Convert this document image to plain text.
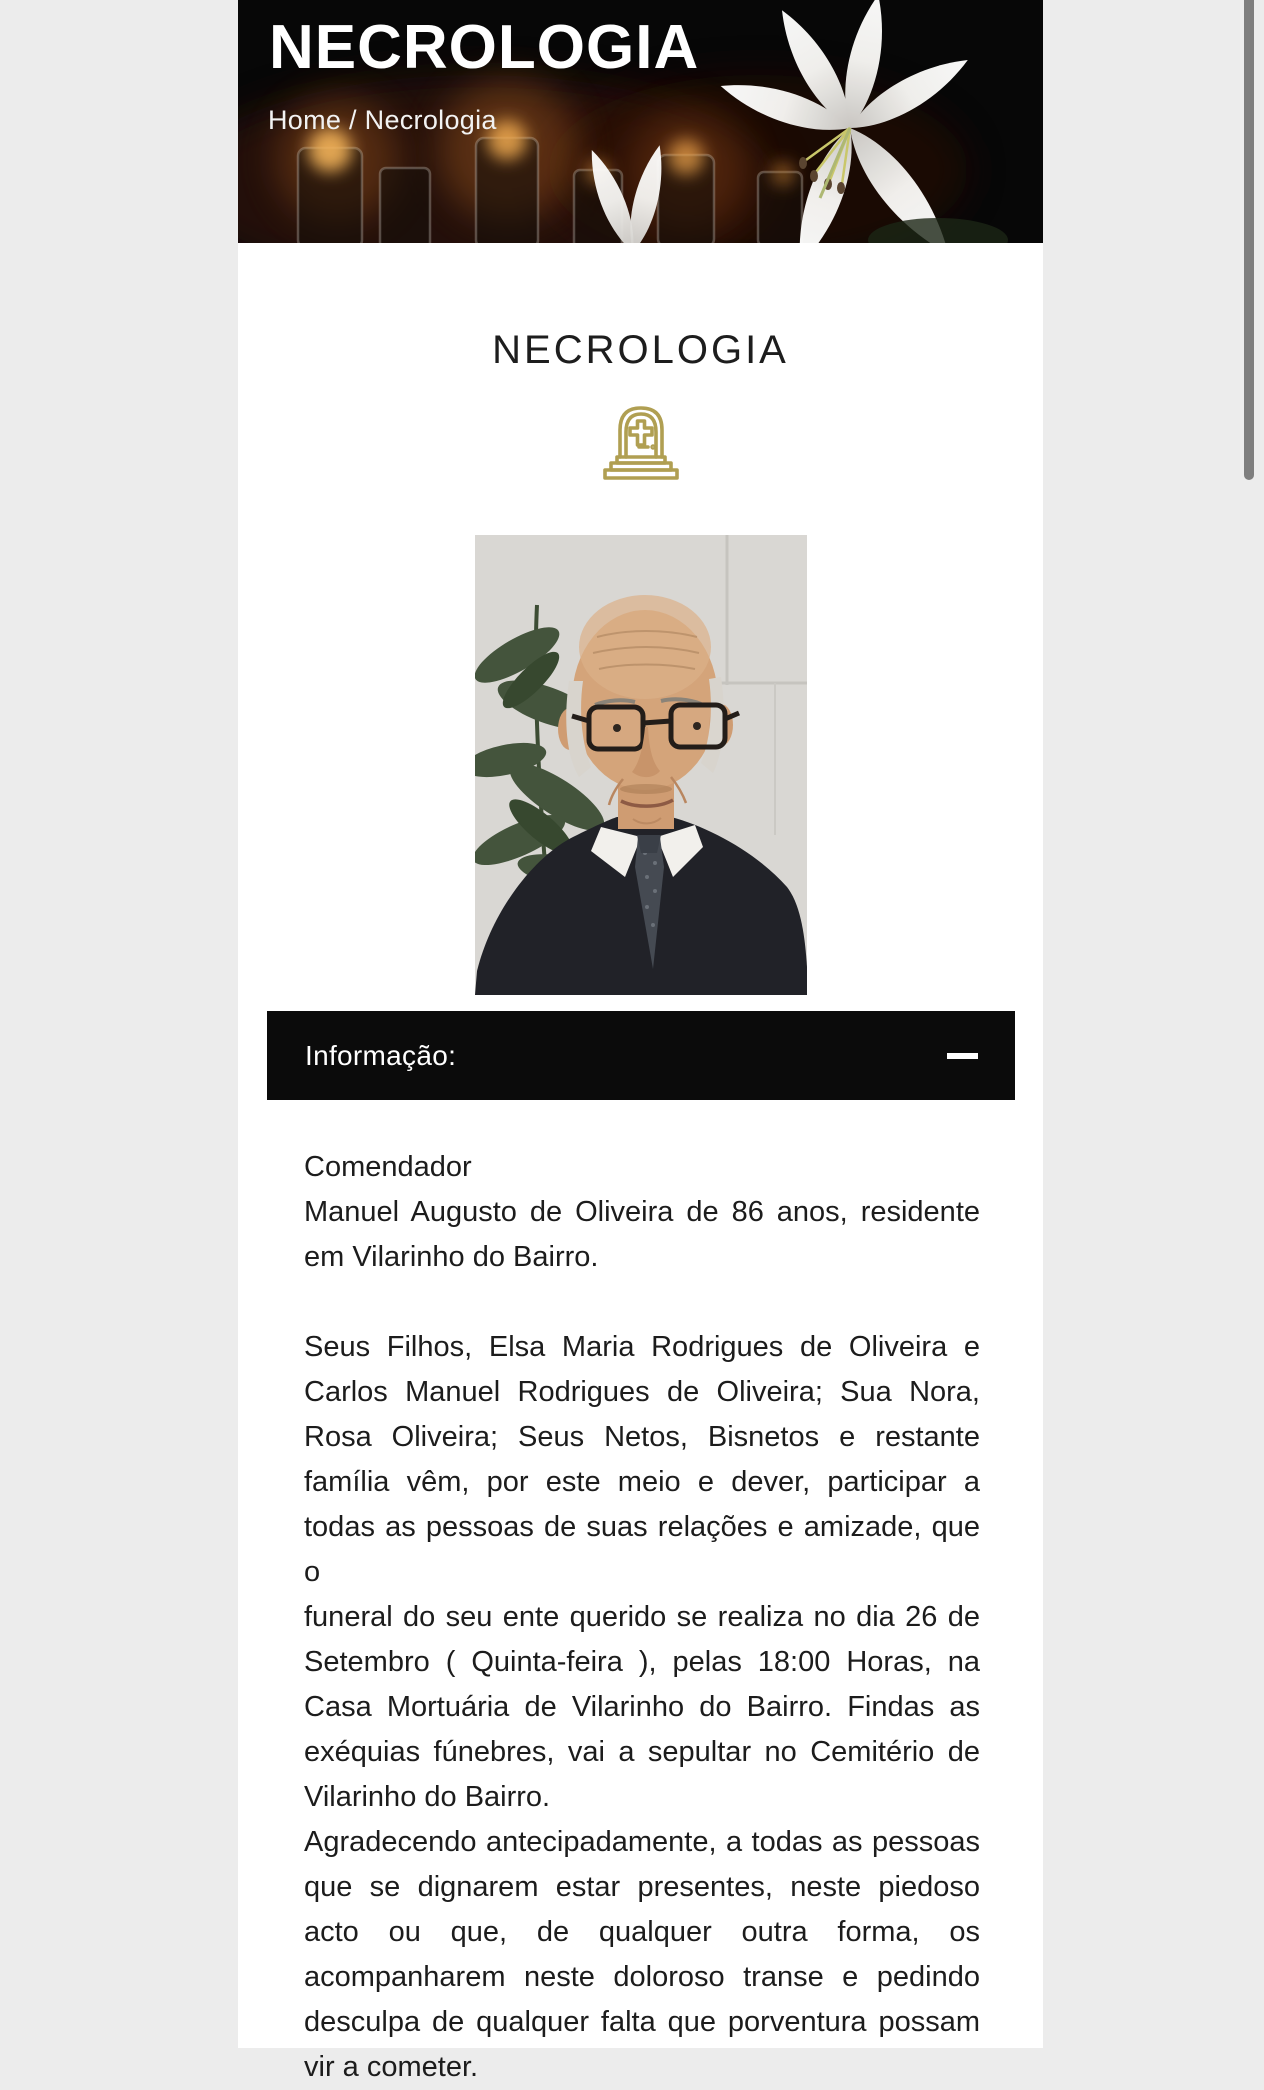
NECROLOGIA
Home / Necrologia
NECROLOGIA
Informação:
Comendador
Manuel Augusto de Oliveira de 86 anos, residente
em Vilarinho do Bairro.
Seus Filhos, Elsa Maria Rodrigues de Oliveira e
Carlos Manuel Rodrigues de Oliveira; Sua Nora,
Rosa Oliveira; Seus Netos, Bisnetos e restante
família vêm, por este meio e dever, participar a
todas as pessoas de suas relações e amizade, que o
funeral do seu ente querido se realiza no dia 26 de
Setembro ( Quinta-feira ), pelas 18:00 Horas, na
Casa Mortuária de Vilarinho do Bairro. Findas as
exéquias fúnebres, vai a sepultar no Cemitério de
Vilarinho do Bairro.
Agradecendo antecipadamente, a todas as pessoas
que se dignarem estar presentes, neste piedoso
acto ou que, de qualquer outra forma, os
acompanharem neste doloroso transe e pedindo
desculpa de qualquer falta que porventura possam
vir a cometer.
